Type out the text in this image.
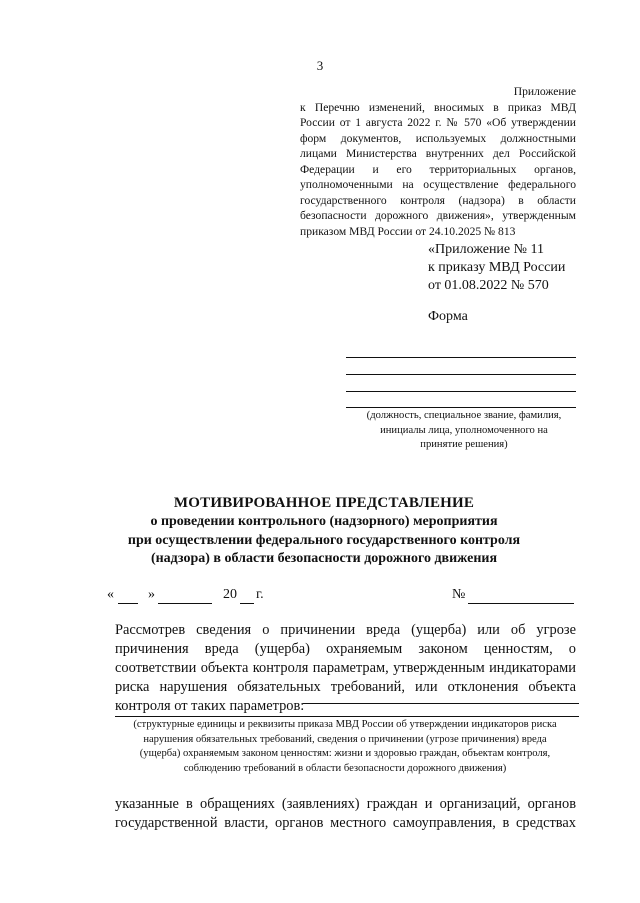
3
Приложение
к Перечню изменений, вносимых в приказ МВД
России от 1 августа 2022 г. № 570 «Об утверждении
форм документов, используемых должностными
лицами Министерства внутренних дел Российской
Федерации и его территориальных органов,
уполномоченными на осуществление федерального
государственного контроля (надзора) в области
безопасности дорожного движения», утвержденным
приказом МВД России от 24.10.2025 № 813
«Приложение № 11
к приказу МВД России
от 01.08.2022 № 570
Форма
(должность, специальное звание, фамилия,
инициалы лица, уполномоченного на
принятие решения)
МОТИВИРОВАННОЕ ПРЕДСТАВЛЕНИЕ
о проведении контрольного (надзорного) мероприятия
при осуществлении федерального государственного контроля
(надзора) в области безопасности дорожного движения
« »	20 г.	№
Рассмотрев сведения о причинении вреда (ущерба) или об угрозе
причинения вреда (ущерба) охраняемым законом ценностям, о
соответствии объекта контроля параметрам, утвержденным индикаторами
риска нарушения обязательных требований, или отклонения объекта
контроля от таких параметров:
(структурные единицы и реквизиты приказа МВД России об утверждении индикаторов риска
нарушения обязательных требований, сведения о причинении (угрозе причинения) вреда
(ущерба) охраняемым законом ценностям: жизни и здоровью граждан, объектам контроля,
соблюдению требований в области безопасности дорожного движения)
указанные в обращениях (заявлениях) граждан и организаций, органов
государственной власти, органов местного самоуправления, в средствах
